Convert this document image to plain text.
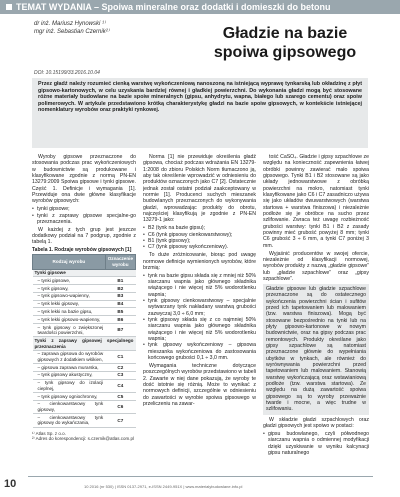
TEMAT WYDANIA – Spoiwa mineralne oraz dodatki i domieszki do betonu
dr inż. Mariusz Hynowski ¹⁾
mgr inż. Sebastian Czernik²⁾	Gładzie na bazie spoiwa gipsowego
DOI: 10.15199/33.2016.10.04
Przez gładź należy rozumieć cienką warstwę wykończeniową nanoszoną na istniejącą wyprawę tynkarską lub okładzinę z płyt gipsowo-kartonowych, w celu uzyskania bardziej równej i gładkiej powierzchni. Do wykonania gładzi mogą być stosowane różne materiały budowlane na bazie spoiw mineralnych (gipsu, anhydrytu, wapna, białego lub szarego cementu) oraz spoiw polimerowych. W artykule przedstawiono krótką charakterystykę gładzi na bazie spoiw gipsowych, w kontekście istniejącej nomenklatury wyrobów oraz praktyki rynkowej.

Wyroby gipsowe przeznaczone do stosowania podczas prac wykończeniowych w budownictwie są produkowane i klasyfikowane zgodnie z normą PN-EN 13279:2009 Spoiwa gipsowe i tynki gipsowe. Część 1. Definicje i wymagania [1]. Przewiduje ona dwie główne klasyfikacje wyrobów gipsowych:

• tynki gipsowe;
• tynki z zaprawy gipsowe specjalne-go przeznaczenia.

W każdej z tych grup jest jeszcze dodatkowy podział na 7 podgrup, zgodnie z tabelą 1.

Tabela 1. Rodzaje wyrobów gipsowych [1]
Rodzaj wyrobu	Oznaczenie wyrobu
Tynki gipsowe	
– tynki gipsowe,	B1
– tynk gipsowy,	B2
– tynk gipsowo-wapienny,	B3
– tynk lekki gipsowy,	B4
– tynk lekki na bazie gipsu,	B5
– tynk lekki gipsowo-wapienny,	B6
– tynk gipsowy o zwiększonej twardości powierzchni,	B7
Tynki z zaprawy gipsowej specjalnego przeznaczenia	
– zaprawa gipsowa do wyrobów gipsowych z dodatkiem włókien,	C1
– gipsowa zaprawa murarska,	C2
– tynk gipsowy akustyczny,	C3
– tynk gipsowy do izolacji cieplnej,	C4
– tynk gipsowy ogniochronny,	C5
– cienkowarstwowy tynk gipsowy,	C6
– cienkowarstwowy tynk gipsowy do wykańczania,	C7
¹⁾ Atlas Sp. z o.o.
²⁾ Adres do korespondencji: s.czernik@atlas.com.pl

Norma [1] nie przewiduje określenia gładź gipsowa, chociaż podczas wdrażania EN 13279-1:2008 do zbioru Polskich Norm tłumaczono ją, aby tak określenie wprowadzić w odniesieniu do produktów oznaczonych jako C7 [2]. Ostatecznie jednak został ostatni podział zaakceptowany w normie [1]. Producenci suchych mieszanek budowlanych przeznaczonych do wykonywania gładzi, wprowadzając produkty do obrotu, najczęściej klasyfikują je zgodnie z PN-EN 13279-1 jako:

• B2 (tynk na bazie gipsu);
• C6 (tynk gipsowy cienkowarstwowy);
• B1 (tynk gipsowy);
• C7 (tynk gipsowy wykończeniowy).

To duże zróżnicowanie, biorąc pod uwagę normowe definicje wymienionych wyrobów, które brzmią:

• tynk na bazie gipsu składa się z mniej niż 50% siarczanu wapnia jako głównego składnika wiążącego i nie więcej niż 5% wodorotlenku wapnia;
• tynk gipsowy cienkowarstwowy – specjalnie wytwarzany tynk nakładany warstwą grubości zazwyczaj 3,0 ÷ 6,0 mm;
• tynk gipsowy składa się z co najmniej 50% siarczanu wapnia jako głównego składnika wiążącego i nie więcej niż 5% wodorotlenku wapnia;
• tynk gipsowy wykończeniowy – gipsowa mieszanka wykończeniowa do zastosowania końcowego grubości 0,1 ÷ 3,0 mm.

Wymagania techniczne dotyczące poszczególnych wyrobów przedstawiono w tabeli 2. Zawarte w niej dane pokazują, że wyroby te dość istotnie się różnią. Może to wynikać z normowych definicji, szczególnie w odniesieniu do zawartości w wyrobie spoiwa gipsowego w przeliczeniu na zawar-

tość CaSO₄. Gładzie i gipsy szpachlowe ze względu na konieczność zapewnienia łatwej obróbki powinny zawierać mało spoiwa gipsowego. Tynki B1 i B2 stosowane są jako układy jednowarstwowe z obróbką powierzchni na mokro, natomiast tynki klasyfikowane jako C6 i C7 zasadniczo używa się jako układów dwuwarstwowych (warstwa startowa + warstwa finiszowa) i niezależnie podłoże się je obróbce na sucho przez szlifowanie. Zwraca też uwagę rozbieżność grubości warstwy: tynki B1 i B2 z zasady powinny mieć grubość powyżej 8 mm; tynki C6 grubość 3 ÷ 6 mm, a tynki C7 poniżej 3 mm.

Wyjaśnić producentów w swojej ofercie, niezależnie od klasyfikacji normowej, wyrobów produkty z nazwą „gładzie gipsowe” lub „gładzie szpachlowe” oraz „gipsy szpachlowe”.

Gładzie gipsowe lub gładzie szpachlowe przeznaczone są do ostatecznego wykończenia powierzchni ścian i sufitów przed ich tapetowaniem lub malowaniem (tzw. warstwa finiszowa). Mogą być stosowane bezpośrednio na tynki lub na płyty gipsowo-kartonowe w nowym budownictwie, oraz na gipsy podczas prac remontowych. Produkty określane jako gipsy szpachlowe są natomiast przeznaczone głównie do wypełniania ubytków w tynkach, ale również do wyrównywania powierzchni przed tapetowaniem lub malowaniem. Stanowią warstwę wykończającą oraz wstawianiową podłoże (tzw. warstwa startowa). Ze względu na dużą zawartość spoiwa gipsowego są to wyroby przeważnie twarde i mocne, a więc trudne w szlifowaniu.

W składzie gładzi szpachlowych oraz gładzi gipsowych jest spoiwo w postaci:

• gipsu budowlanego, czyli półwodnego siarczanu wapnia o odmiennej modyfikacji dzięki uzyskiwanie w wyniku kalcynacji gipsu naturalnego
10	10 2016 (nr 530) | ISSN 0137-2971, e-ISSN 2449-951X | www.materialybudowlane.info.pl
